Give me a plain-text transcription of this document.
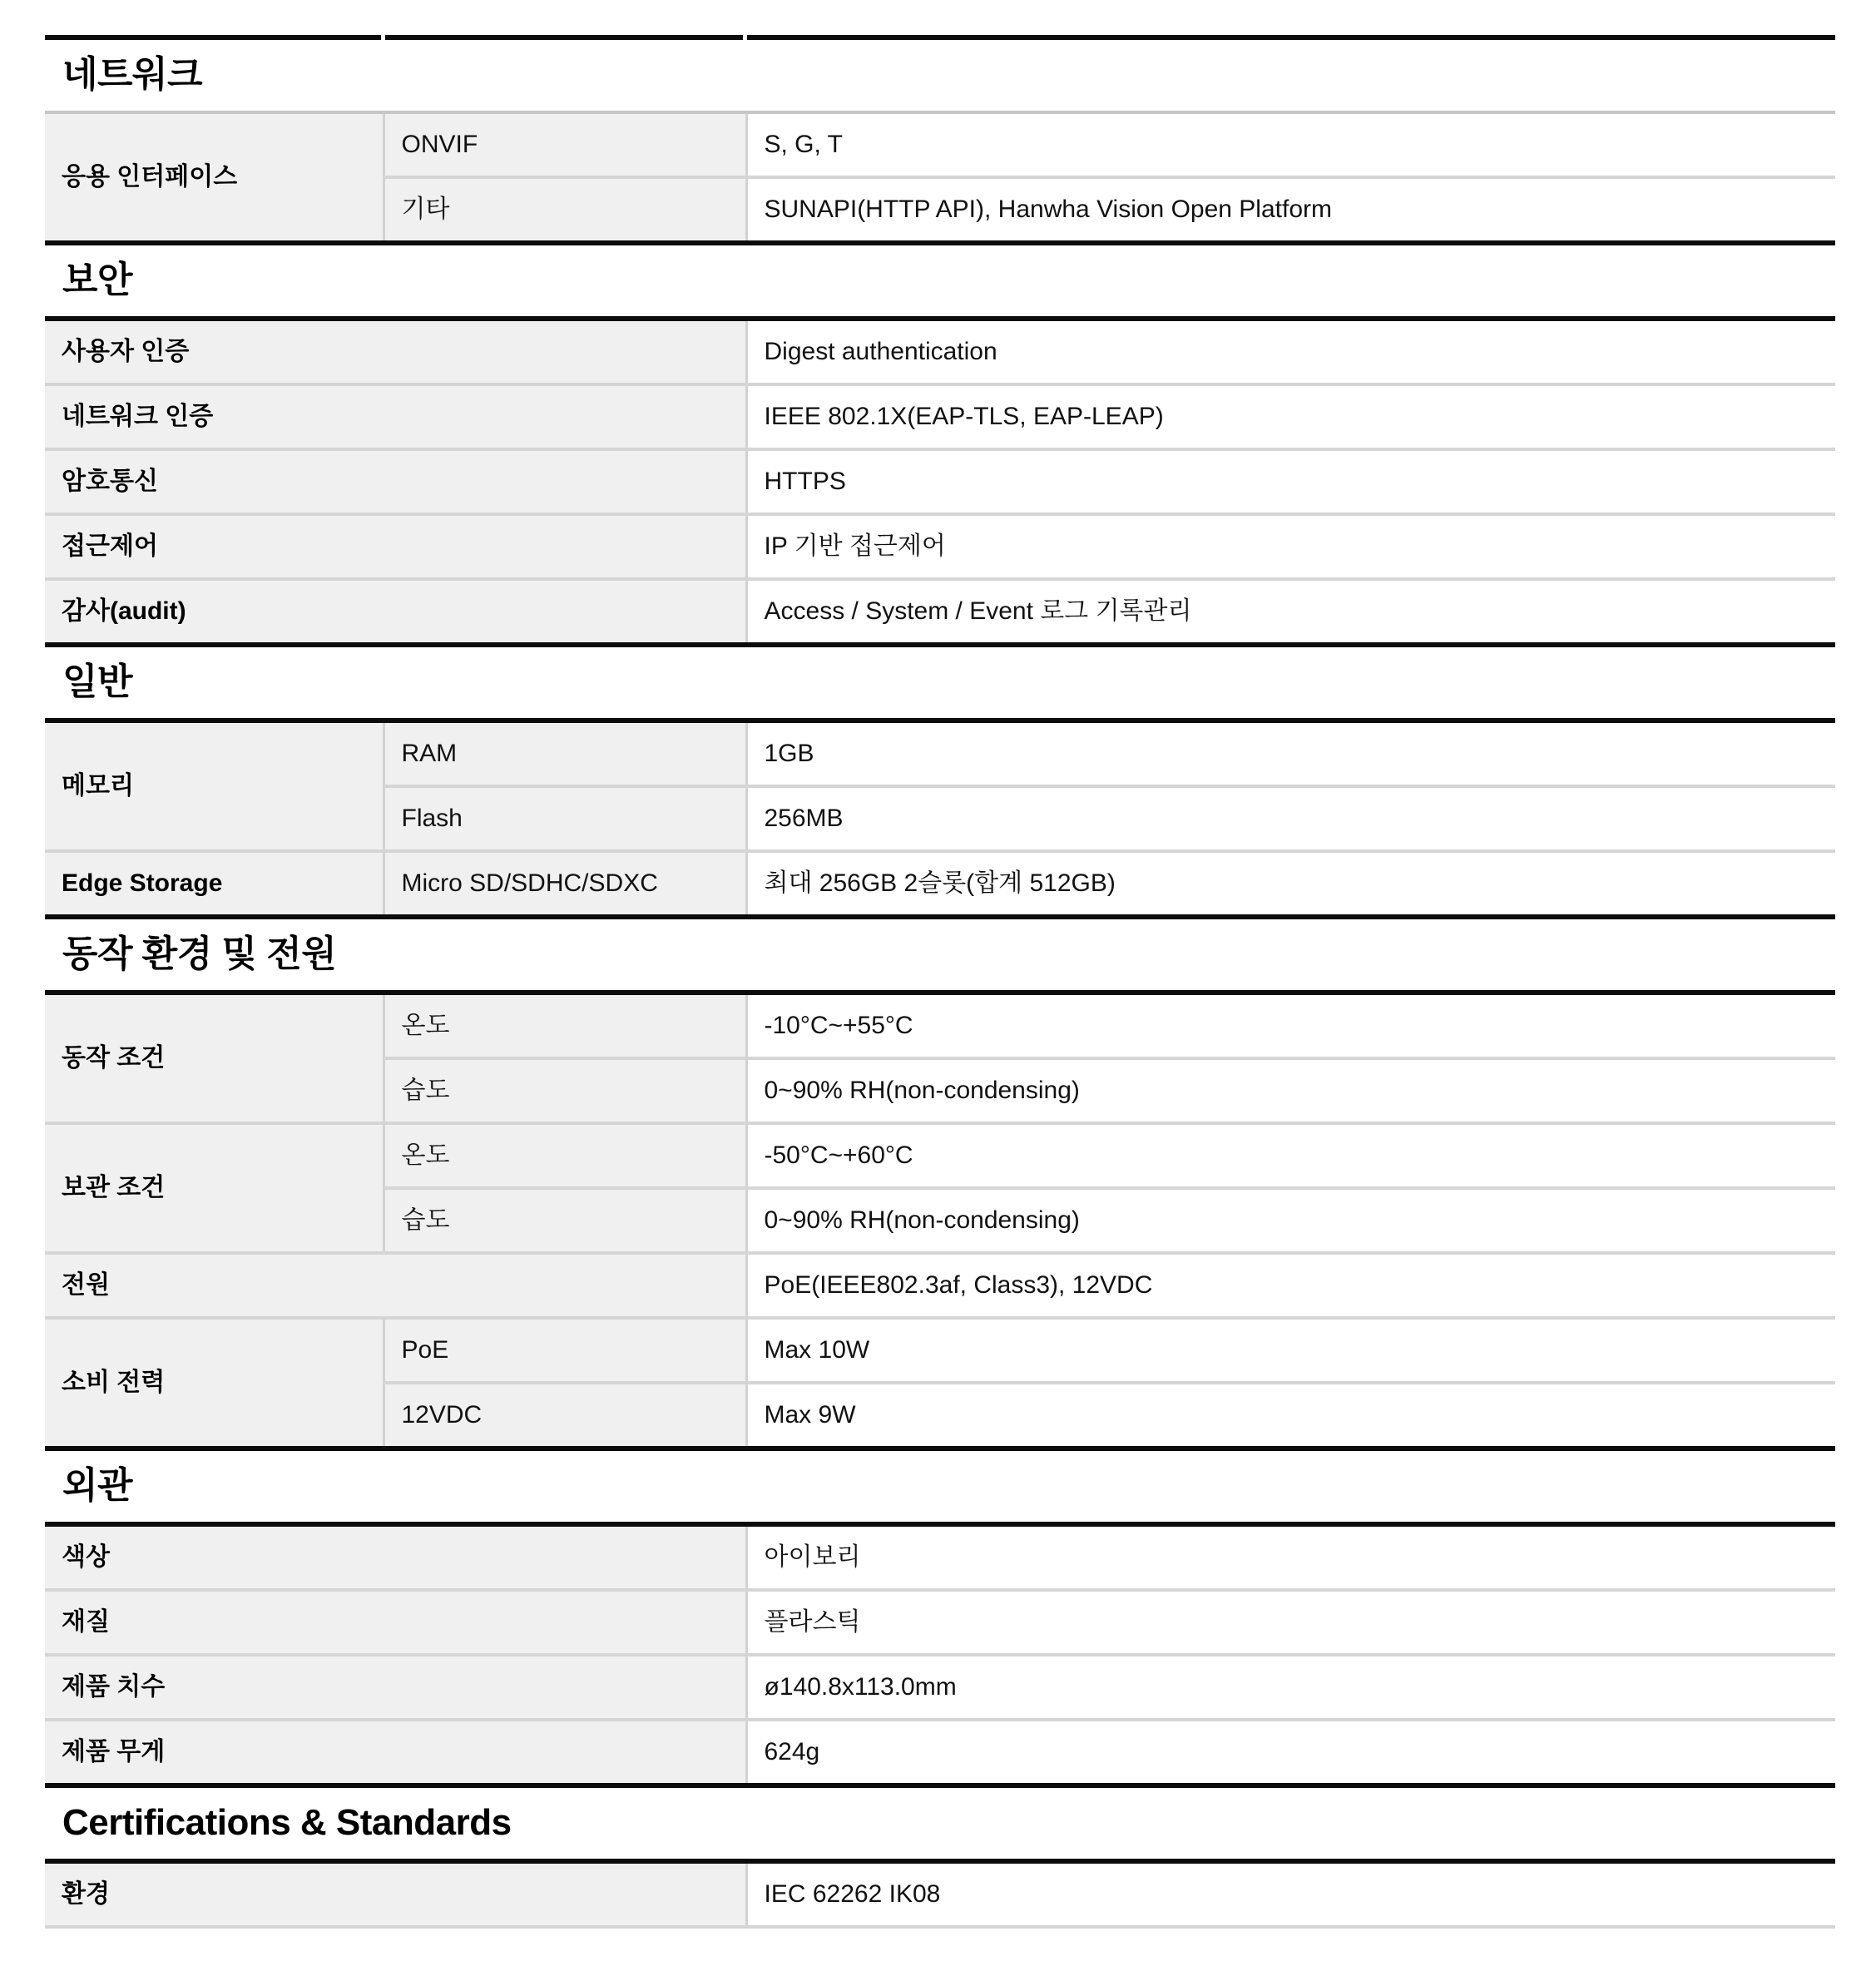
네트워크
응용 인터페이스	ONVIF	S, G, T
	기타	SUNAPI(HTTP API), Hanwha Vision Open Platform
보안
사용자 인증	Digest authentication
네트워크 인증	IEEE 802.1X(EAP-TLS, EAP-LEAP)
암호통신	HTTPS
접근제어	IP 기반 접근제어
감사(audit)	Access / System / Event 로그 기록관리
일반
메모리	RAM	1GB
	Flash	256MB
Edge Storage	Micro SD/SDHC/SDXC	최대 256GB 2슬롯(합계 512GB)
동작 환경 및 전원
동작 조건	온도	-10°C~+55°C
	습도	0~90% RH(non-condensing)
보관 조건	온도	-50°C~+60°C
	습도	0~90% RH(non-condensing)
전원		PoE(IEEE802.3af, Class3), 12VDC
소비 전력	PoE	Max 10W
	12VDC	Max 9W
외관
색상	아이보리
재질	플라스틱
제품 치수	ø140.8x113.0mm
제품 무게	624g
Certifications & Standards
환경	IEC 62262 IK08
